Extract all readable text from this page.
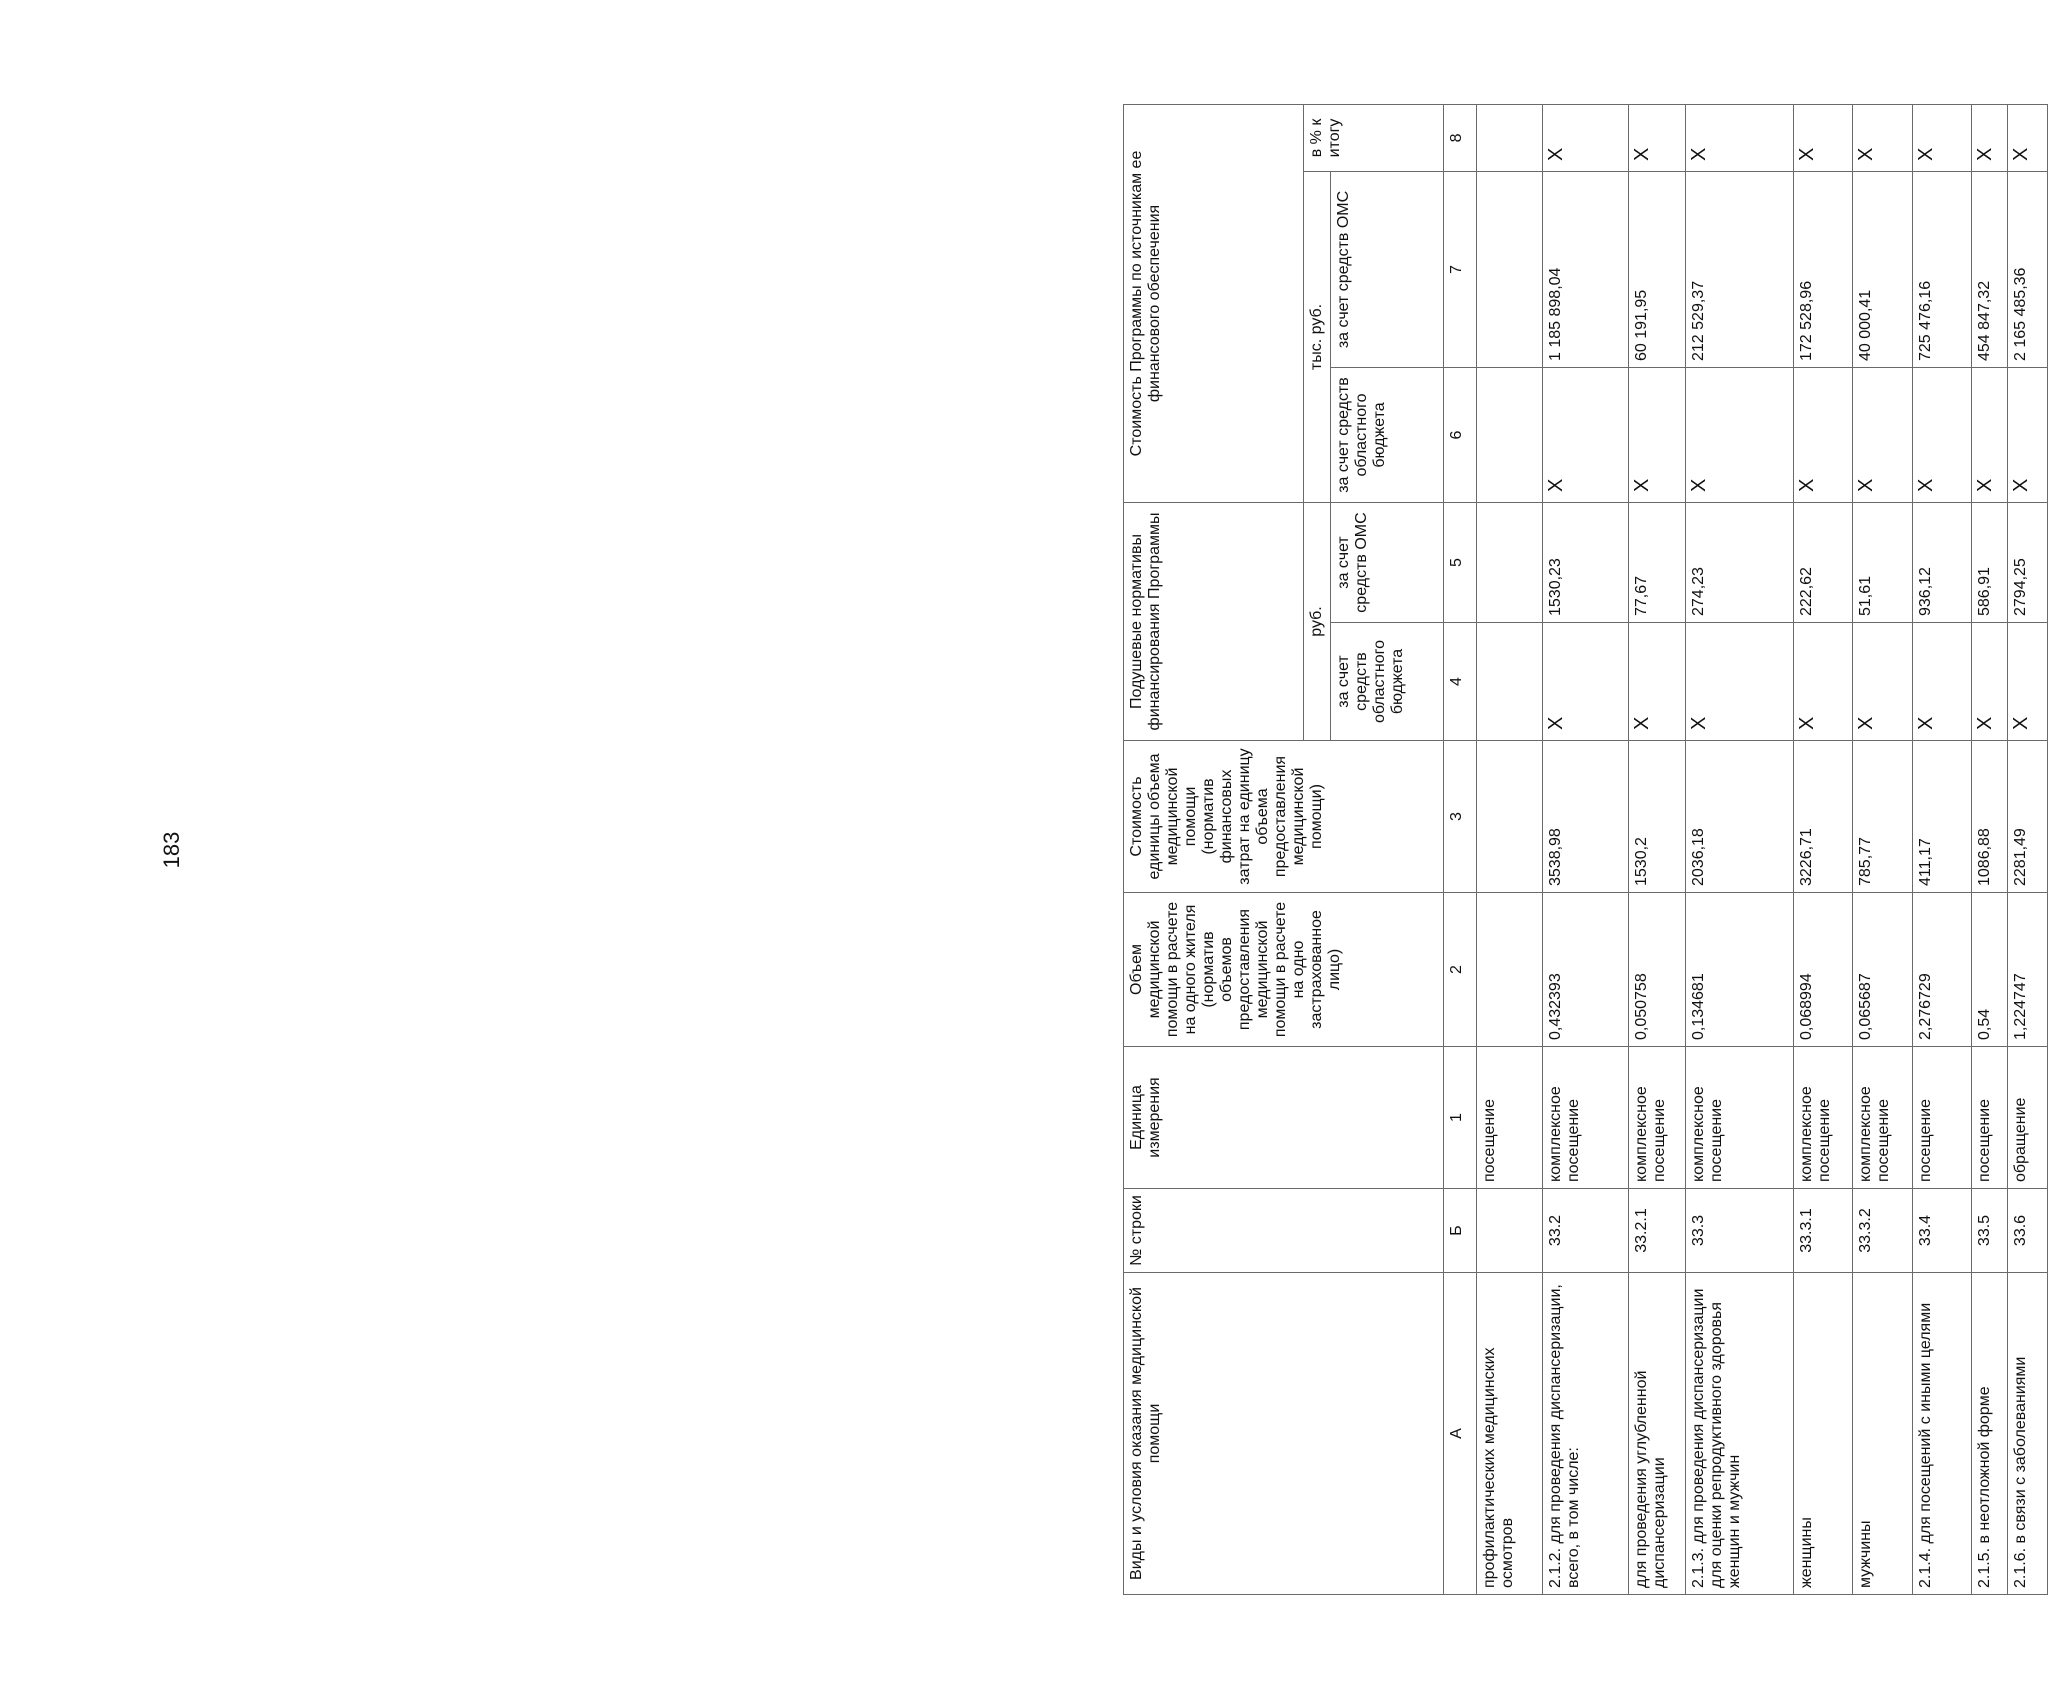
183
Виды и условия оказания медицинской помощи	№ строки	Единица измерения	Объем медицинской помощи в расчете на одного жителя (норматив объемов предоставления медицинской помощи в расчете на одно застрахованное лицо)	Стоимость единицы объема медицинской помощи (норматив финансовых затрат на единицу объема предоставления медицинской помощи)	Подушевые нормативы финансирования Программы		Стоимость Программы по источникам ее финансового обеспечения		
					руб.		тыс. руб.		в % к итогу
					за счет средств областного бюджета	за счет средств ОМС	за счет средств областного бюджета	за счет средств ОМС	
А	Б	1	2	3	4	5	6	7	8
профилактических медицинских осмотров		посещение							
2.1.2. для проведения диспансеризации, всего, в том числе:	33.2	комплексное посещение	0,432393	3538,98	X	1530,23	X	1 185 898,04	X
для проведения углубленной диспансеризации	33.2.1	комплексное посещение	0,050758	1530,2	X	77,67	X	60 191,95	X
2.1.3. для проведения диспансеризации для оценки репродуктивного здоровья женщин и мужчин	33.3	комплексное посещение	0,134681	2036,18	X	274,23	X	212 529,37	X
женщины	33.3.1	комплексное посещение	0,068994	3226,71	X	222,62	X	172 528,96	X
мужчины	33.3.2	комплексное посещение	0,065687	785,77	X	51,61	X	40 000,41	X
2.1.4. для посещений с иными целями	33.4	посещение	2,276729	411,17	X	936,12	X	725 476,16	X
2.1.5. в неотложной форме	33.5	посещение	0,54	1086,88	X	586,91	X	454 847,32	X
2.1.6. в связи с заболеваниями	33.6	обращение	1,224747	2281,49	X	2794,25	X	2 165 485,36	X
